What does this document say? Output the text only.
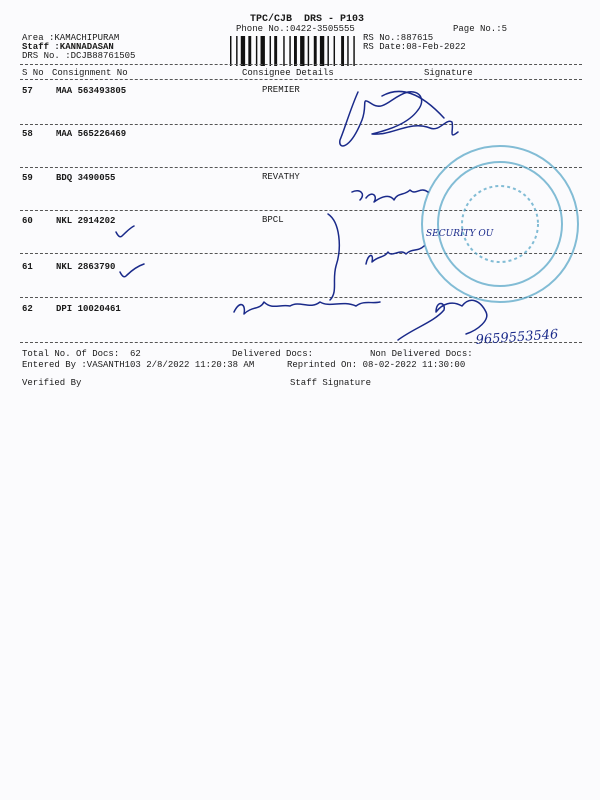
TPC/CJB  DRS - P103
Phone No.:0422-3505555	Page No.:5
Area :KAMACHIPURAM
Staff :KANNADASAN
DRS No. :DCJB88761505
RS No.:887615
RS Date:08-Feb-2022
S No Consignment No	Consignee Details	Signature
57	MAA 563493805	PREMIER
58	MAA 565226469
59	BDQ 3490055	REVATHY
60	NKL 2914202	BPCL
61	NKL 2863790
62	DPI 10020461
Total No. Of Docs:  62	Delivered Docs:	Non Delivered Docs:
Entered By :VASANTH103 2/8/2022 11:20:38 AM	Reprinted On: 08-02-2022 11:30:00
Verified By	Staff Signature
SECURITY OU
9659553546
